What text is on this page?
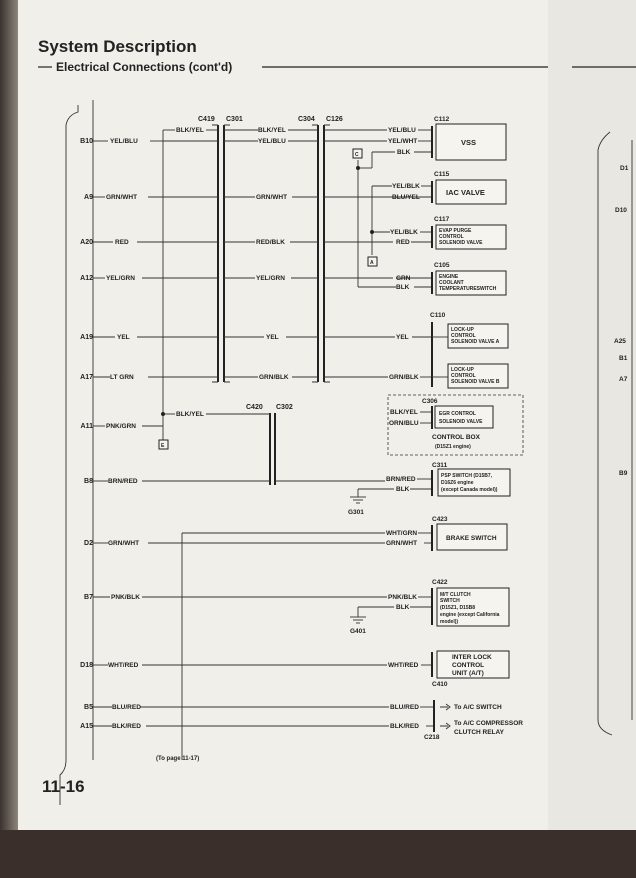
System Description
Electrical Connections (cont'd)
C419 C301	C304 C126
C420 C302
B10
A9
A20
A12
A19
A17
A11
B8
D2
B7
D18
B5
A15
C
A
E
YEL/BLU
GRN/WHT
RED
YEL/GRN
YEL
LT GRN
PNK/GRN
BRN/RED
GRN/WHT
PNK/BLK
WHT/RED
BLU/RED
BLK/RED
BLK/YEL	BLK/YEL
YEL/BLU
GRN/WHT
RED/BLK
YEL/GRN
YEL
GRN/BLK
BLK/YEL
YEL/BLU
YEL/WHT
BLK
YEL/BLK
BLU/YEL
YEL/BLK
RED
GRN
BLK
YEL
GRN/BLK
BLK/YEL
ORN/BLU
BRN/RED
BLK
WHT/GRN
GRN/WHT
PNK/BLK
BLK
WHT/RED
BLU/RED
BLK/RED
C112
VSS
C115
IAC VALVE
C117
EVAP PURGE
CONTROL
SOLENOID VALVE
C105
ENGINE
COOLANT
TEMPERATURESWITCH
C110
LOCK-UP
CONTROL
SOLENOID VALVE A
LOCK-UP
CONTROL
SOLENOID VALVE B
C306
EGR CONTROL
SOLENOID VALVE
CONTROL BOX
(D15Z1 engine)
C311
PSP SWITCH (D15B7,
D16Z6 engine
(except Canada model))
C423
BRAKE SWITCH
C422
M/T CLUTCH
SWITCH
(D15Z1, D15B8
engine (except California
model))
INTER LOCK
CONTROL
UNIT (A/T)
C410
To A/C SWITCH
To A/C COMPRESSOR
CLUTCH RELAY
C218
G301
G401
(To page 11-17)
11-16
D1
D10
A25
B1
A7
B9
